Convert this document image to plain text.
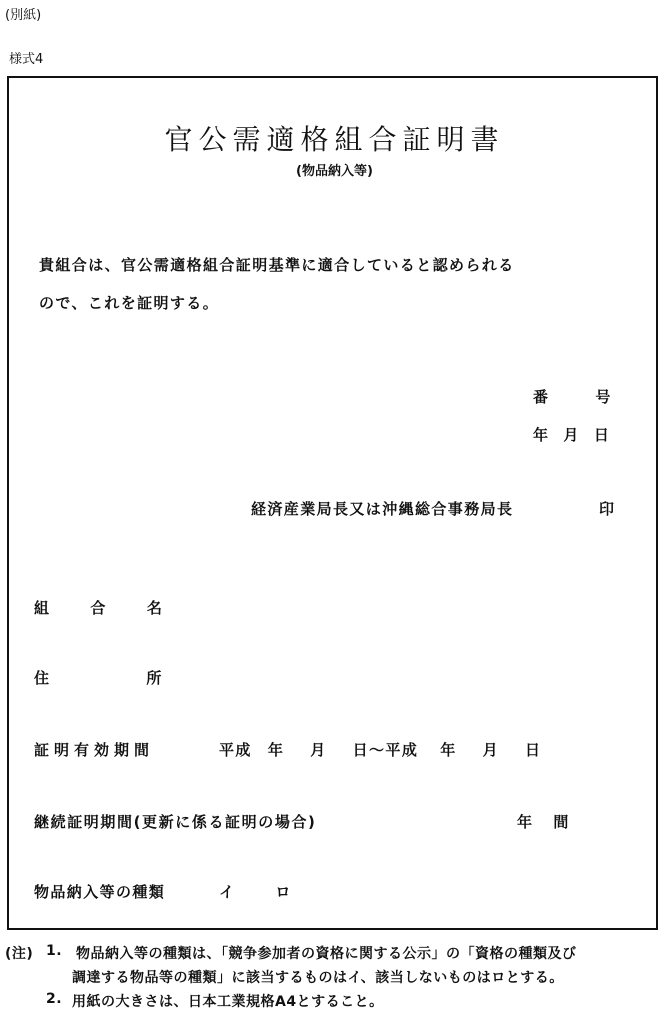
(別紙)
様式4
官公需適格組合証明書
(物品納入等)
貴組合は、官公需適格組合証明基準に適合していると認められる
ので、これを証明する。
番	号
年 月 日
経済産業局長又は沖縄総合事務局長	印
組	合	名
住	所
証明有効期間	平成 年 月 日～平成 年 月 日
継続証明期間(更新に係る証明の場合)	年 間
物品納入等の種類	イ	ロ
(注) 1. 物品納入等の種類は、「競争参加者の資格に関する公示」の「資格の種類及び
調達する物品等の種類」に該当するものはイ、該当しないものはロとする。
2. 用紙の大きさは、日本工業規格A4とすること。
